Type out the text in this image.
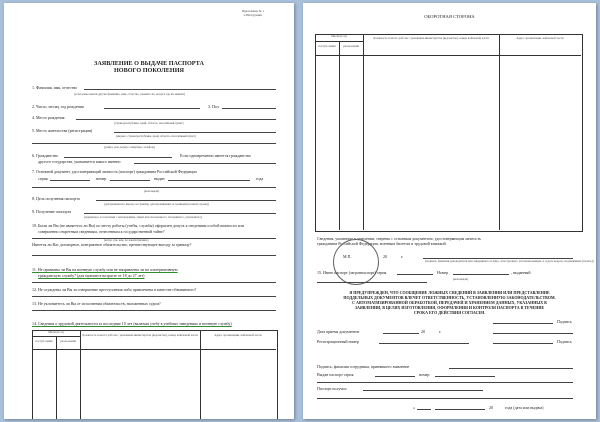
Приложение № 1
к Инструкции
ЗАЯВЛЕНИЕ О ВЫДАЧЕ ПАСПОРТА
НОВОГО ПОКОЛЕНИЯ
1. Фамилия, имя, отчество
(если ранее имели другие фамилию, имя, отчество, укажите их, когда и где их меняли)
2. Число, месяц, год рождения	3. Пол
4. Место рождения
(страна/республика, край, область, населённый пункт)
5. Место жительства (регистрации)
(индекс, страна/республика, край, область, населённый пункт)
(улица, дом, корпус, квартира, телефон)
6. Гражданство	Если одновременно имеется гражданство
другого государства, указывается какого именно
7. Основной документ, удостоверяющий личность (паспорт) гражданина Российской Федерации
серия	номер	выдан	года
(кем выдан)
8. Цель получения паспорта
(для временного выезда за границу, для проживания за границей (в какой стране))
9. Получение паспорта
(первичное, в сочетании с нахождением, замен использованного, потерянного, утраченного)
10. Были ли Вы (не являетесь ли Вы) по месту работы (учебы, службы) оформлен допуск к сведениям особой важности или
совершенно секретным сведениям, отнесенным к государственной тайне?
Имеется ли Вас договорное, контрактное обязательство, препятствующее выезду за границу?
(когда, где, кем, по какой причине)
11. Не призваны ли Вы на военную службу или не направлены ли на альтернативную
гражданскую службу? (для мужчин в возрасте от 18 до 27 лет)
12. Не осуждены ли Вы за совершение преступления либо привлечены в качестве обвиняемого?
13. Не уклоняетесь ли Вы от исполнения обязательств, наложенных судом?
14. Сведения о трудовой деятельности за последние 10 лет (включая учебу в учебных заведениях и военную службу)
Месяц и год
поступ-ления	уволь-нения
Должность и место работы с указанием министерства (ведомства), номер войсковой части	Адрес организации, войсковой части
ОБОРОТНАЯ СТОРОНА
Месяц и год
поступ-ления	уволь-нения
Должность и место работы с указанием министерства (ведомства), номер войсковой части	Адрес организации, войсковой части
Сведения, указанные в заявлении, сверены с основным документом, удостоверяющим личность
гражданина Российской Федерации, военным билетом и трудовой книжкой.
М.П.	20	г.
(подпись, фамилия руководителя или заверившего и лица, аттестующего уполномоченным, в отделе кадров, подчинённых (печать))
15. Имею паспорт (загранпаспорт) серия	Номер	, выданный
(кем выдан)
Я ПРЕДУПРЕЖДЕН, ЧТО СООБЩЕНИЕ ЛОЖНЫХ СВЕДЕНИЙ В ЗАЯВЛЕНИИ ИЛИ ПРЕДСТАВЛЕНИЕ
ПОДДЕЛЬНЫХ ДОКУМЕНТОВ ВЛЕЧЕТ ОТВЕТСТВЕННОСТЬ, УСТАНОВЛЕННУЮ ЗАКОНОДАТЕЛЬСТВОМ.
С АВТОМАТИЗИРОВАННОЙ ОБРАБОТКОЙ, ПЕРЕДАЧЕЙ И ХРАНЕНИЕМ ДАННЫХ, УКАЗАННЫХ В
ЗАЯВЛЕНИИ, В ЦЕЛЯХ ИЗГОТОВЛЕНИЯ, ОФОРМЛЕНИЯ И КОНТРОЛЯ ПАСПОРТА В ТЕЧЕНИЕ
СРОКА ЕГО ДЕЙСТВИЯ СОГЛАСЕН.
Подпись
Дата приема документов	20	г.
Регистрационный номер	Подпись
Подпись, фамилия сотрудника, принявшего заявление
Выдан паспорт серия	номер
Паспорт получил
«	20	года (дата или выдача)
